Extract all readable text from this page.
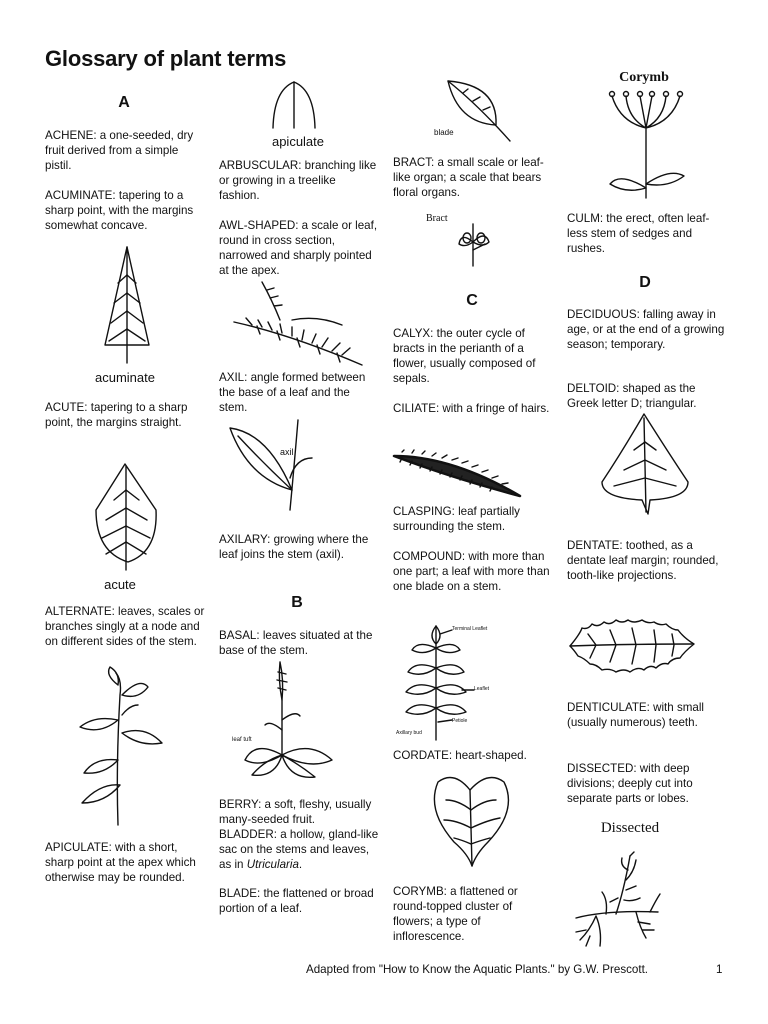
Glossary of plant terms
A
ACHENE: a one-seeded, dry fruit derived from a simple pistil.
ACUMINATE: tapering to a sharp point, with the margins somewhat concave.
acuminate
ACUTE: tapering to a sharp point, the margins straight.
acute
ALTERNATE: leaves, scales or branches singly at a node and on different sides of the stem.
APICULATE: with a short, sharp point at the apex which otherwise may be rounded.
apiculate
ARBUSCULAR: branching like or growing in a treelike fashion.
AWL-SHAPED: a scale or leaf, round in cross section, narrowed and sharply pointed at the apex.
AXIL: angle formed between the base of a leaf and the stem.
axil
AXILARY: growing where the leaf joins the stem (axil).
B
BASAL: leaves situated at the base of the stem.
leaf tuft
BERRY: a soft, fleshy, usually many-seeded fruit.
BLADDER: a hollow, gland-like sac on the stems and leaves, as in Utricularia.
BLADE: the flattened or broad portion of a leaf.
blade
BRACT: a small scale or leaf-like organ; a scale that bears floral organs.
Bract
C
CALYX: the outer cycle of bracts in the perianth of a flower, usually composed of sepals.
CILIATE: with a fringe of hairs.
CLASPING: leaf partially surrounding the stem.
COMPOUND: with more than one part; a leaf with more than one blade on a stem.
Terminal Leaflet
Leaflet
Petiole
Axillary bud
CORDATE: heart-shaped.
CORYMB: a flattened or round-topped cluster of flowers; a type of inflorescence.
Corymb
CULM: the erect, often leaf-less stem of sedges and rushes.
D
DECIDUOUS: falling away in age, or at the end of a growing season; temporary.
DELTOID: shaped as the Greek letter D; triangular.
DENTATE: toothed, as a dentate leaf margin; rounded, tooth-like projections.
DENTICULATE: with small (usually numerous) teeth.
DISSECTED: with deep divisions; deeply cut into separate parts or lobes.
Dissected
Adapted from "How to Know the Aquatic Plants." by G.W. Prescott.	1
